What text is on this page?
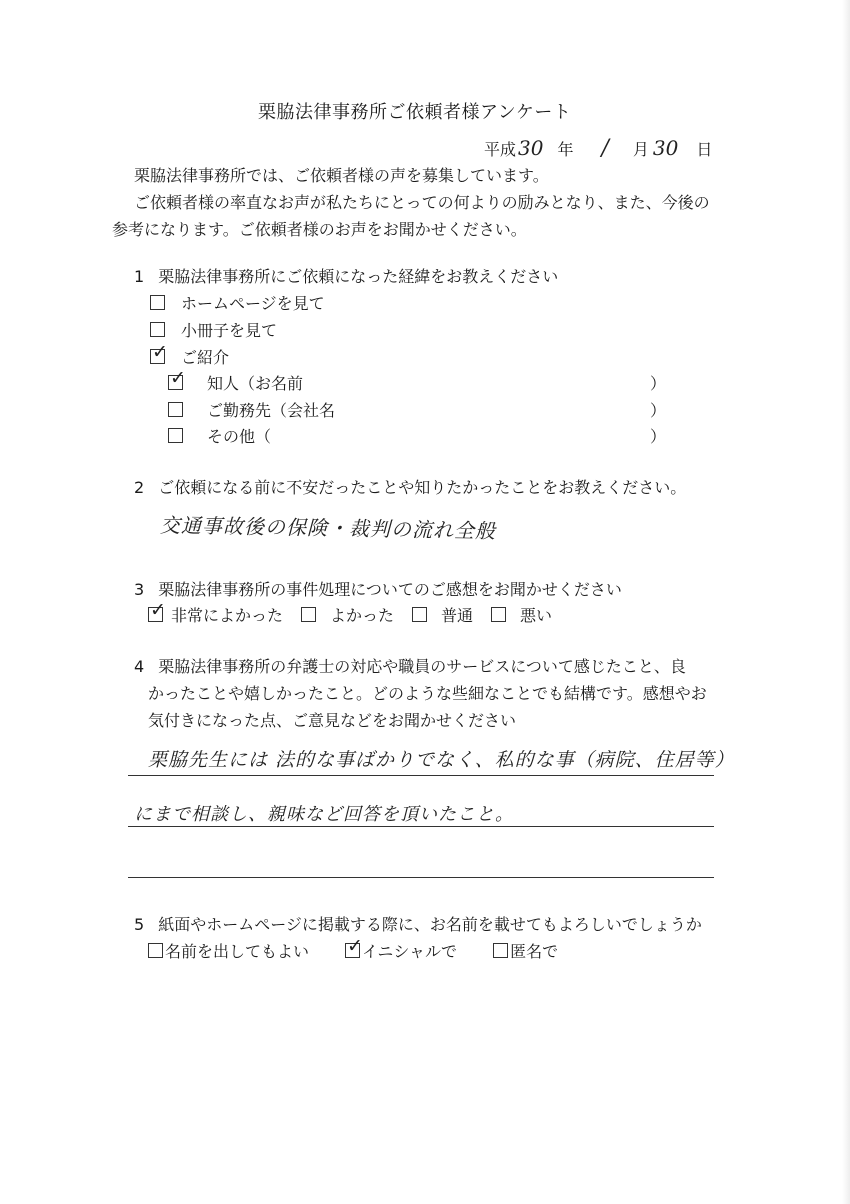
栗脇法律事務所ご依頼者様アンケート
平成 30 年 / 月 30 日
栗脇法律事務所では、ご依頼者様の声を募集しています。
ご依頼者様の率直なお声が私たちにとっての何よりの励みとなり、また、今後の
参考になります。ご依頼者様のお声をお聞かせください。
1 栗脇法律事務所にご依頼になった経緯をお教えください
ホームページを見て
小冊子を見て
✓
ご紹介
✓
知人（お名前	）
ご勤務先（会社名	）
その他（	）
2 ご依頼になる前に不安だったことや知りたかったことをお教えください。
交通事故後の保険・裁判の流れ全般
3 栗脇法律事務所の事件処理についてのご感想をお聞かせください
✓
非常によかった	よかった	普通	悪い
4 栗脇法律事務所の弁護士の対応や職員のサービスについて感じたこと、良
かったことや嬉しかったこと。どのような些細なことでも結構です。感想やお
気付きになった点、ご意見などをお聞かせください
栗脇先生には 法的な事ばかりでなく、私的な事（病院、住居等）
にまで相談し、親味など回答を頂いたこと。
5 紙面やホームページに掲載する際に、お名前を載せてもよろしいでしょうか
名前を出してもよい
✓	イニシャルで	匿名で
